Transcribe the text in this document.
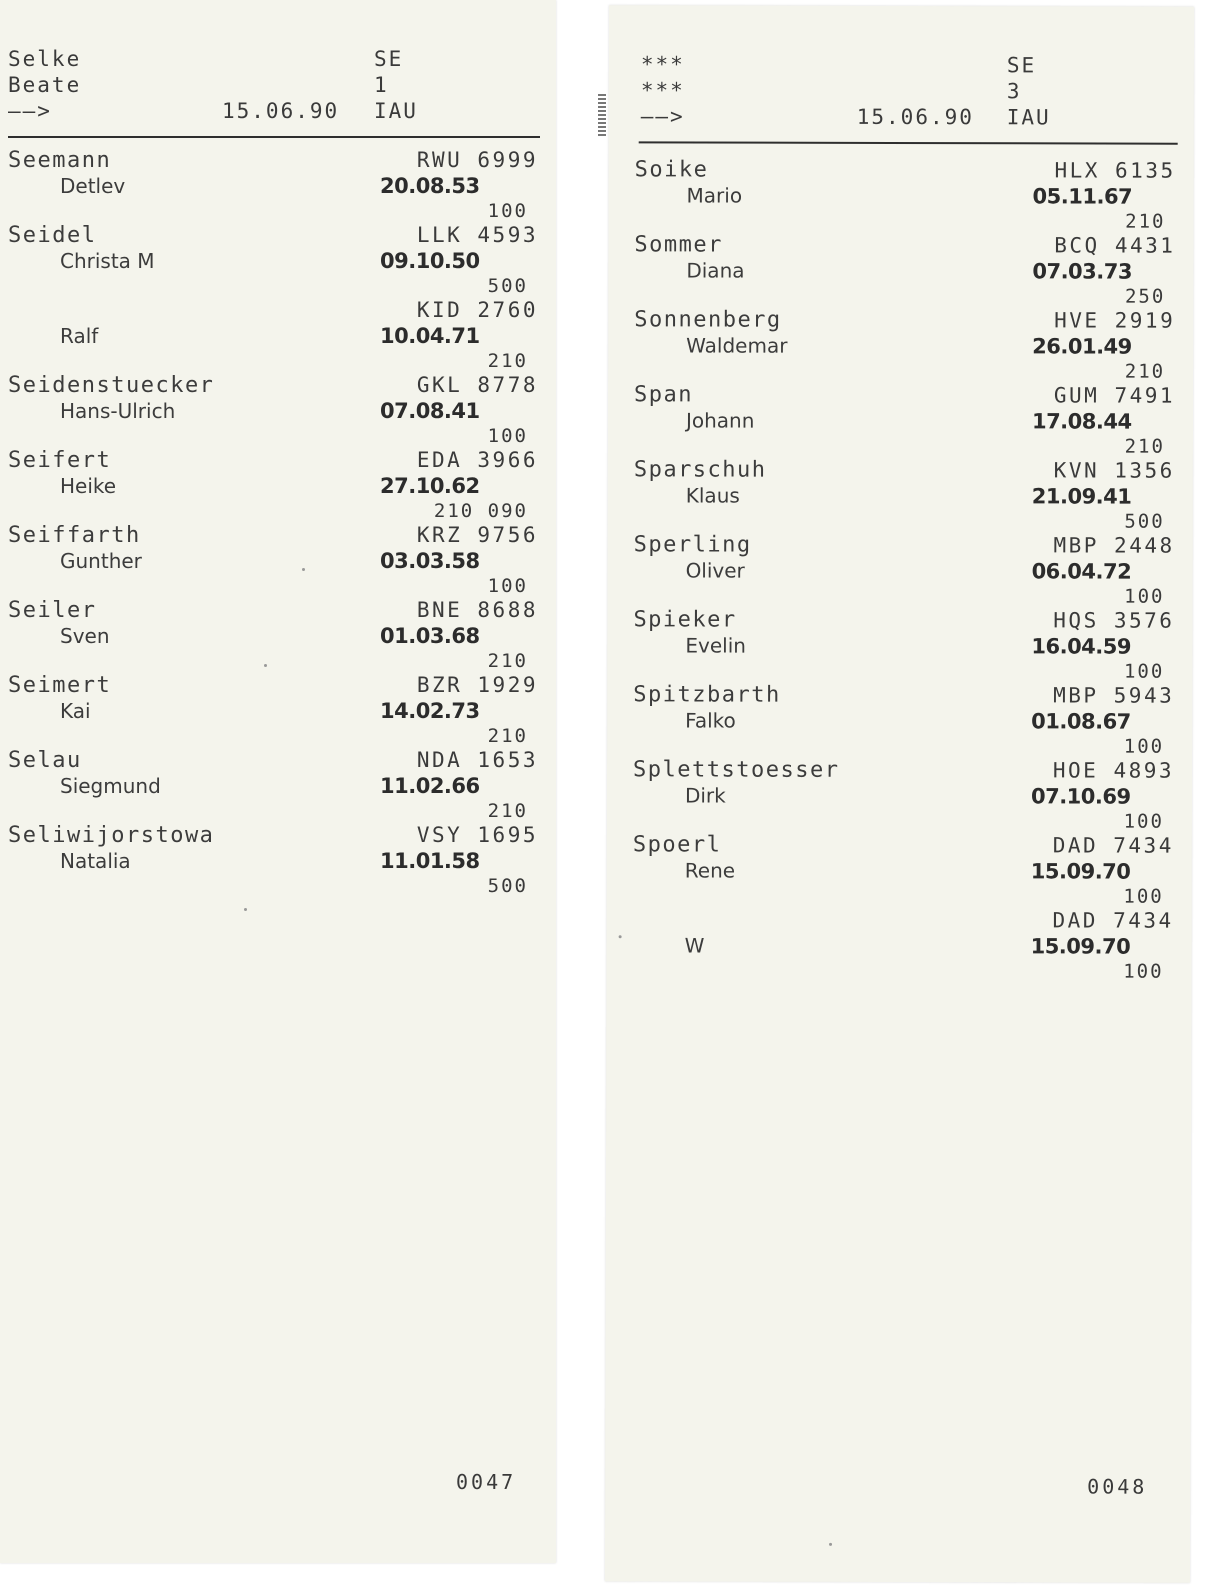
Selke
Beate
——>
SE
1
IAU
15.06.90
Seemann
Detlev
RWU 6999
20.08.53
100
Seidel
Christa M
LLK 4593
09.10.50
500
Ralf
KID 2760
10.04.71
210
Seidenstuecker
Hans-Ulrich
GKL 8778
07.08.41
100
Seifert
Heike
EDA 3966
27.10.62
210 090
Seiffarth
Gunther
KRZ 9756
03.03.58
100
Seiler
Sven
BNE 8688
01.03.68
210
Seimert
Kai
BZR 1929
14.02.73
210
Selau
Siegmund
NDA 1653
11.02.66
210
Seliwijorstowa
Natalia
VSY 1695
11.01.58
500
0047
***
***
——>
SE
3
IAU
15.06.90
Soike
Mario
HLX 6135
05.11.67
210
Sommer
Diana
BCQ 4431
07.03.73
250
Sonnenberg
Waldemar
HVE 2919
26.01.49
210
Span
Johann
GUM 7491
17.08.44
210
Sparschuh
Klaus
KVN 1356
21.09.41
500
Sperling
Oliver
MBP 2448
06.04.72
100
Spieker
Evelin
HQS 3576
16.04.59
100
Spitzbarth
Falko
MBP 5943
01.08.67
100
Splettstoesser
Dirk
HOE 4893
07.10.69
100
Spoerl
Rene
DAD 7434
15.09.70
100
W
DAD 7434
15.09.70
100
0048
